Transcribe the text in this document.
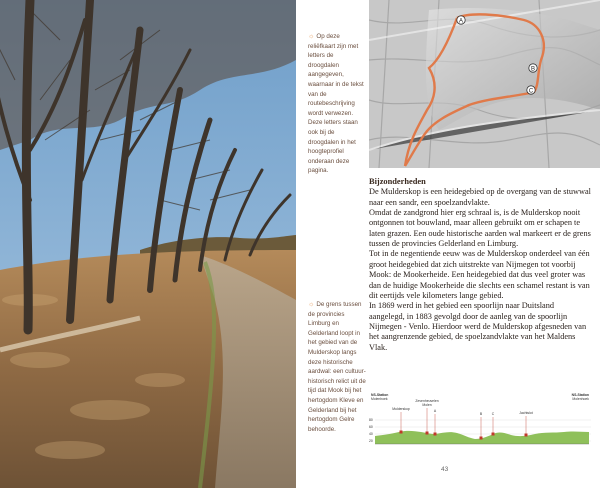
☼ Op deze reliëfkaart zijn met letters de droogdalen aangegeven, waarnaar in de tekst van de routebeschrijving wordt verwezen. Deze letters staan ook bij de droogdalen in het hoogteprofiel onderaan deze pagina.
☼ De grens tussen de provincies Limburg en Gelderland loopt in het gebied van de Mulderskop langs deze historische aardwal: een cultuur-historisch relict uit de tijd dat Mook bij het hertogdom Kleve en Gelderland bij het hertogdom Gelre behoorde.
A
B
C
Bijzonderheden

De Mulderskop is een heidegebied op de overgang van de stuwwal naar een sandr, een spoelzandvlakte.

Omdat de zandgrond hier erg schraal is, is de Mulderskop nooit ontgonnen tot bouwland, maar alleen gebruikt om er schapen te laten grazen. Een oude historische aarden wal markeert er de grens tussen de provincies Gelderland en Limburg.

Tot in de negentiende eeuw was de Mulderskop onderdeel van één groot heidegebied dat zich uitstrekte van Nijmegen tot voorbij Mook: de Mookerheide. Een heidegebied dat dus veel groter was dan de huidige Mookerheide die slechts een schamel restant is van dit eertijds vele kilometers lange gebied.

In 1869 werd in het gebied een spoorlijn naar Duitsland aangelegd, in 1883 gevolgd door de aanleg van de spoorlijn Nijmegen - Venlo. Hierdoor werd de Mulderskop afgesneden van het aangrenzende gebied, de spoelzandvlakte van het Maldens Vlak.

NS-Station
Molenhoek
NS-Station
Molenhoek
80
60
40
20
Mulderskop
Zevenheuvelen
Molen
A
B	C	Jachtslot
43
